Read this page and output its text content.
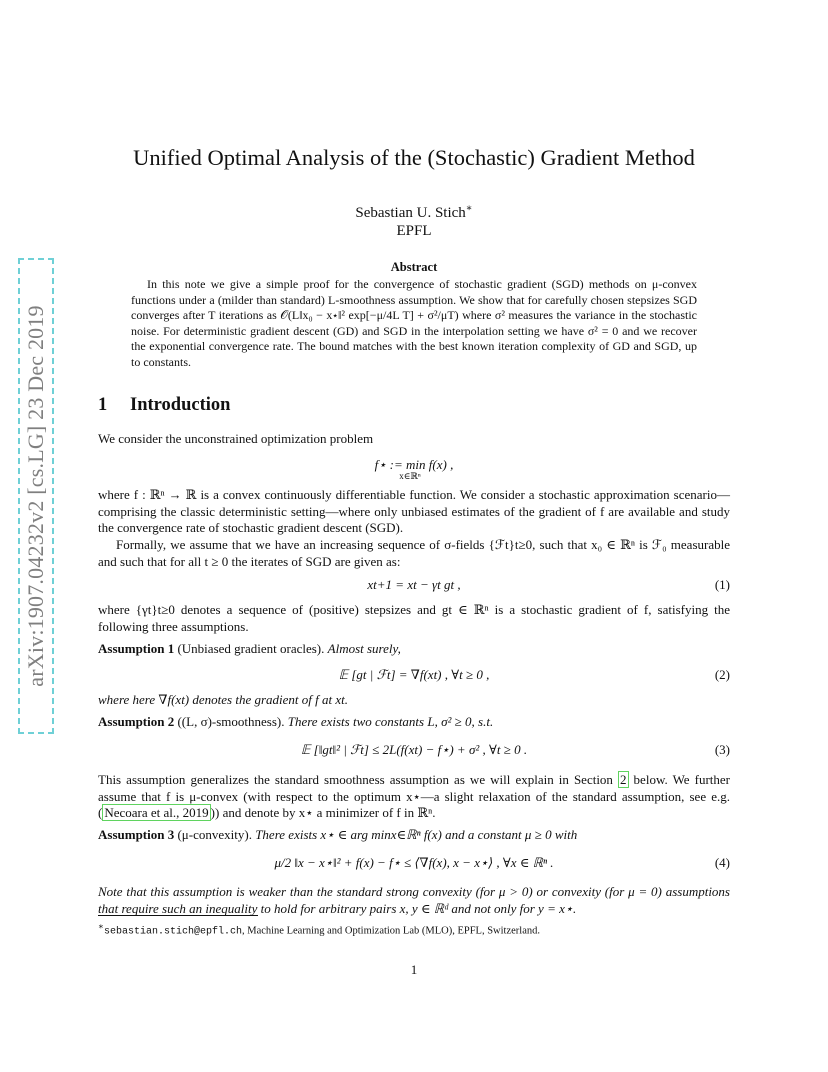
arXiv:1907.04232v2 [cs.LG] 23 Dec 2019
Unified Optimal Analysis of the (Stochastic) Gradient Method
Sebastian U. Stich∗
EPFL
Abstract
In this note we give a simple proof for the convergence of stochastic gradient (SGD) methods on μ-convex functions under a (milder than standard) L-smoothness assumption. We show that for carefully chosen stepsizes SGD converges after T iterations as 𝒪(L‖x₀ − x⋆‖² exp[−μ/4L T] + σ²/μT) where σ² measures the variance in the stochastic noise. For deterministic gradient descent (GD) and SGD in the interpolation setting we have σ² = 0 and we recover the exponential convergence rate. The bound matches with the best known iteration complexity of GD and SGD, up to constants.
1 Introduction
We consider the unconstrained optimization problem
f⋆ := min f(x) ,
x∈ℝⁿ
where f : ℝⁿ → ℝ is a convex continuously differentiable function. We consider a stochastic approximation scenario—comprising the classic deterministic setting—where only unbiased estimates of the gradient of f are available and study the convergence rate of stochastic gradient descent (SGD).
Formally, we assume that we have an increasing sequence of σ-fields {ℱt}t≥0, such that x₀ ∈ ℝⁿ is ℱ₀ measurable and such that for all t ≥ 0 the iterates of SGD are given as:
xt+1 = xt − γt gt ,	(1)
where {γt}t≥0 denotes a sequence of (positive) stepsizes and gt ∈ ℝⁿ is a stochastic gradient of f, satisfying the following three assumptions.
Assumption 1 (Unbiased gradient oracles). Almost surely,
𝔼 [gt | ℱt] = ∇f(xt) , ∀t ≥ 0 ,	(2)
where here ∇f(xt) denotes the gradient of f at xt.
Assumption 2 ((L, σ)-smoothness). There exists two constants L, σ² ≥ 0, s.t.
𝔼 [‖gt‖² | ℱt] ≤ 2L(f(xt) − f⋆) + σ² , ∀t ≥ 0 .	(3)
This assumption generalizes the standard smoothness assumption as we will explain in Section 2 below. We further assume that f is μ-convex (with respect to the optimum x⋆—a slight relaxation of the standard assumption, see e.g. ( Necoara et al., 2019 )) and denote by x⋆ a minimizer of f in ℝⁿ.
Assumption 3 (μ-convexity). There exists x⋆ ∈ arg minx∈ℝⁿ f(x) and a constant μ ≥ 0 with
μ/2 ‖x − x⋆‖² + f(x) − f⋆ ≤ ⟨∇f(x), x − x⋆⟩ , ∀x ∈ ℝⁿ .	(4)
Note that this assumption is weaker than the standard strong convexity (for μ > 0) or convexity (for μ = 0) assumptions that require such an inequality to hold for arbitrary pairs x, y ∈ ℝᵈ and not only for y = x⋆.
∗sebastian.stich@epfl.ch, Machine Learning and Optimization Lab (MLO), EPFL, Switzerland.
1
